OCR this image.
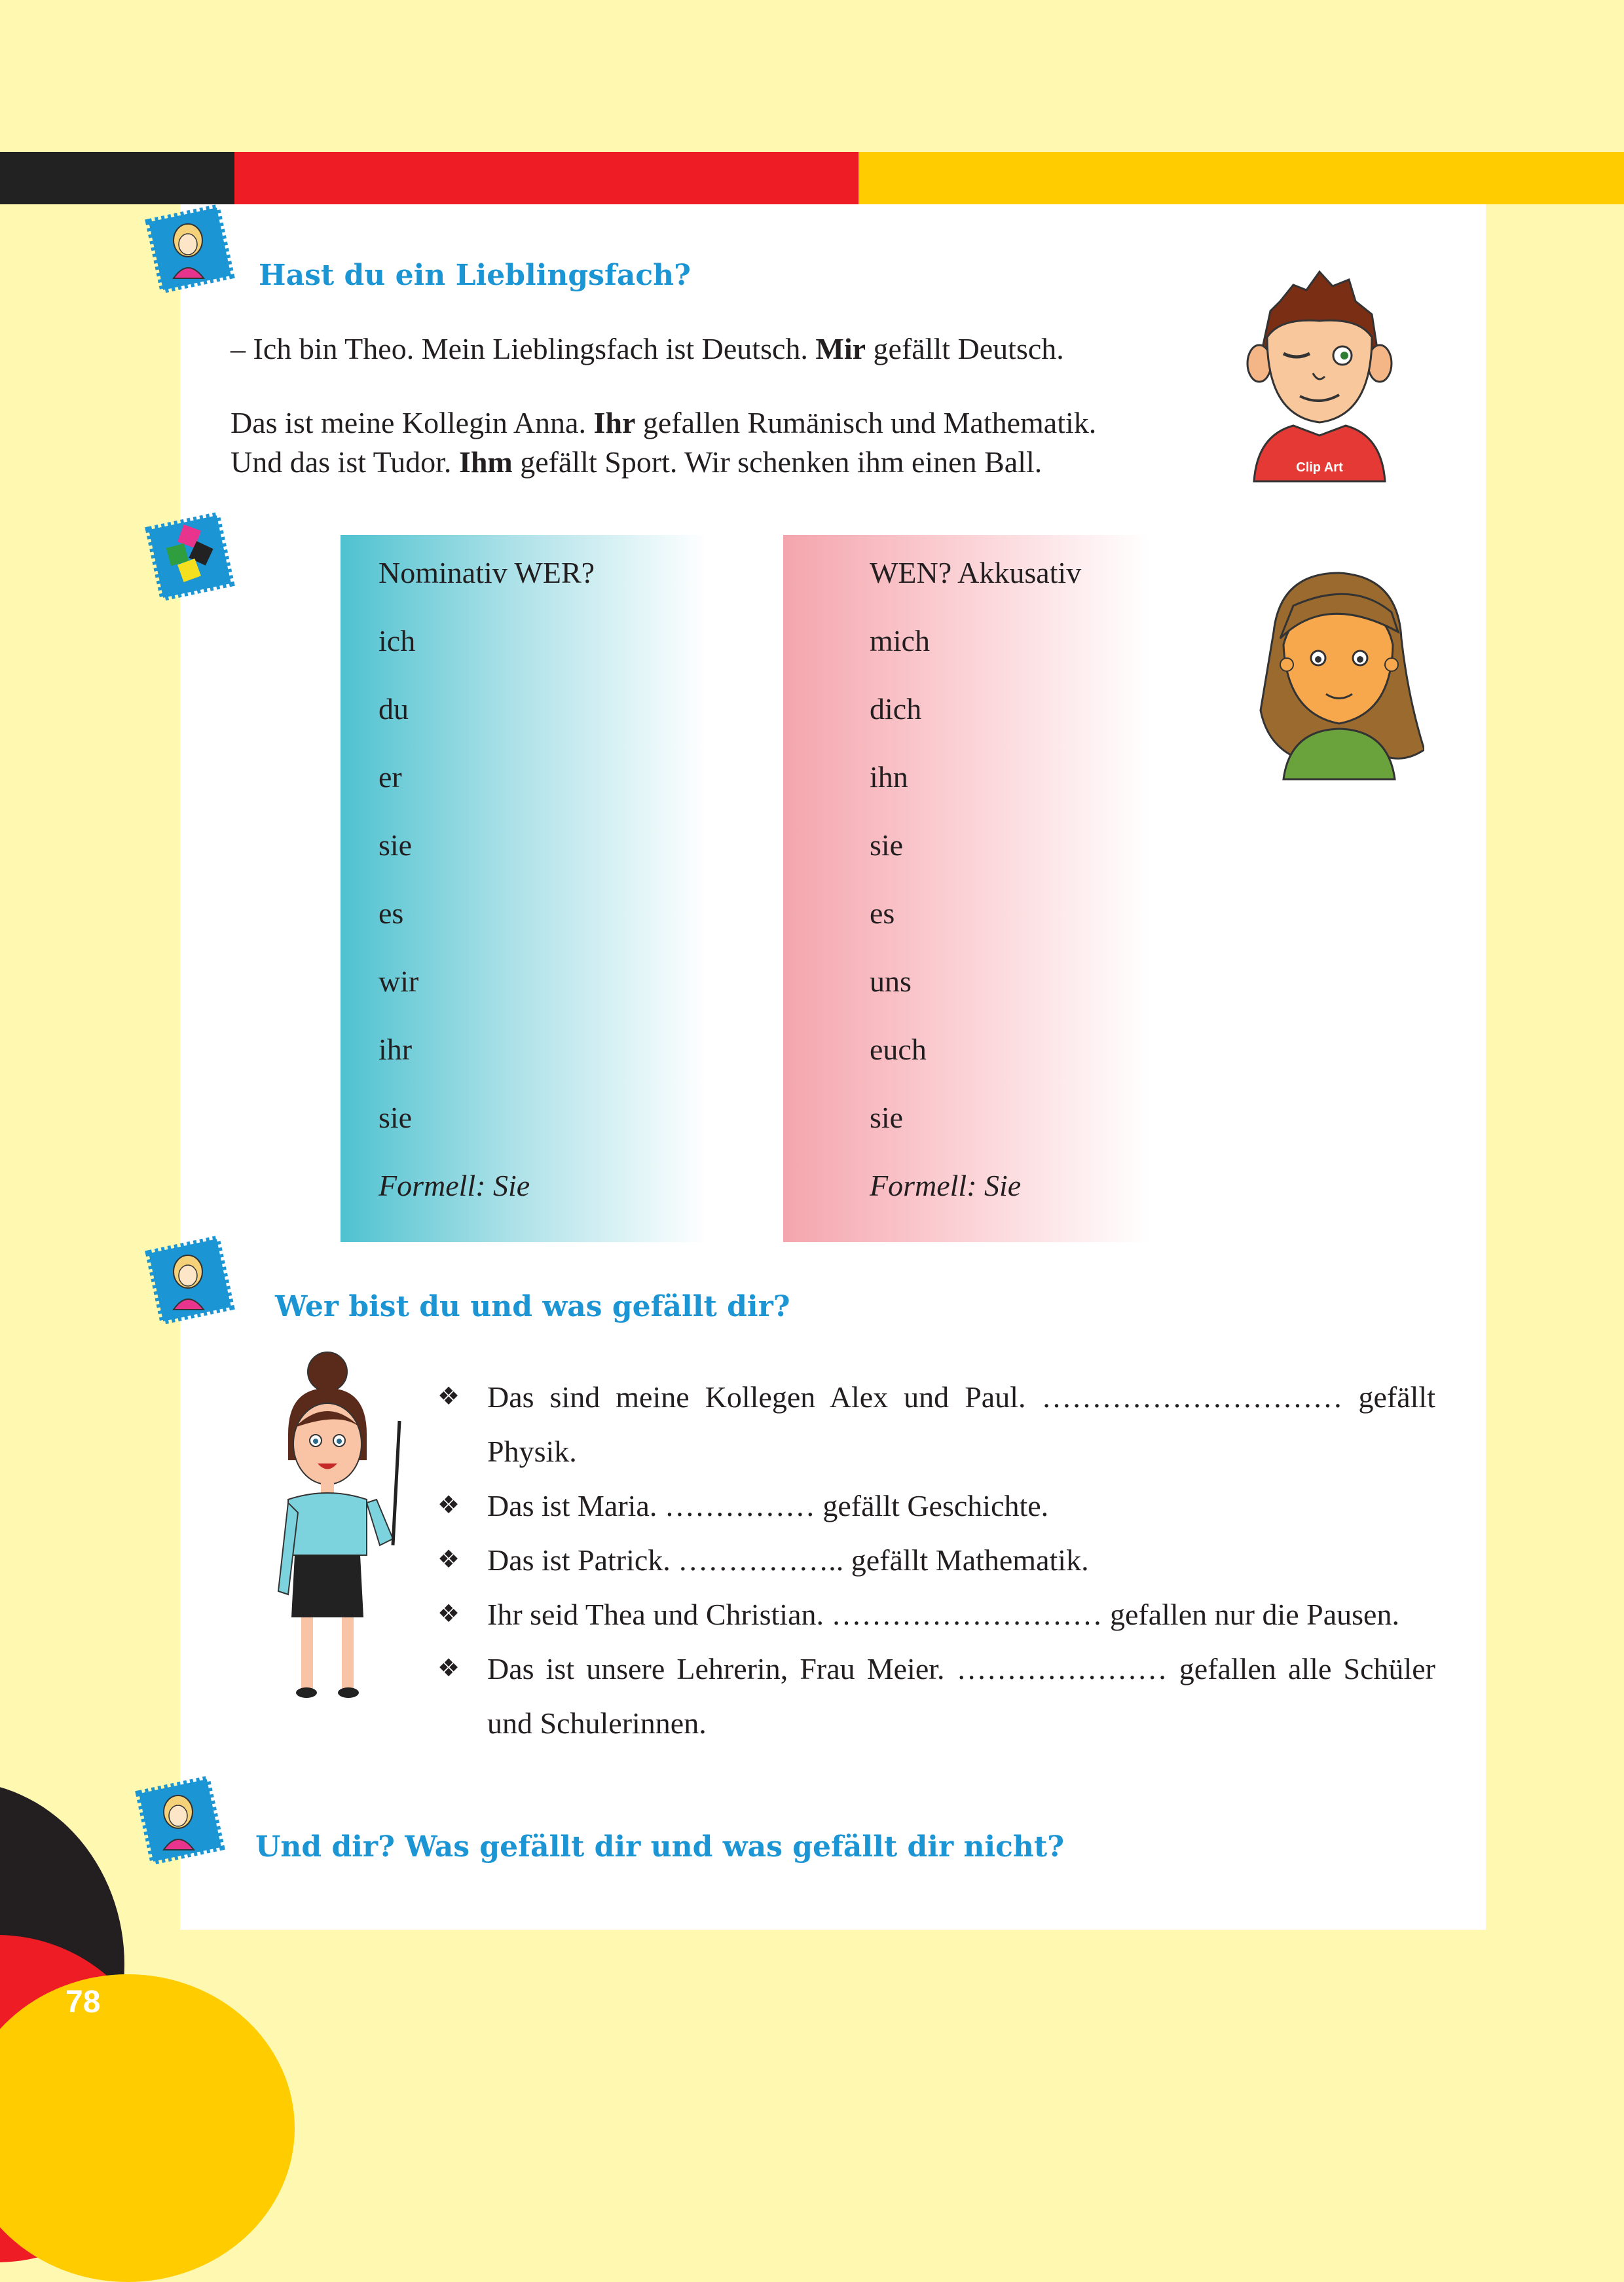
78
Hast du ein Lieblingsfach?

– Ich bin Theo. Mein Lieblingsfach ist Deutsch. Mir gefällt Deutsch.

Das ist meine Kollegin Anna. Ihr gefallen Rumänisch und Mathematik.

Und das ist Tudor. Ihm gefällt Sport. Wir schenken ihm einen Ball.	Clip Art
Nominativ WER?
ich
du
er
sie
es
wir
ihr
sie
Formell: Sie
WEN? Akkusativ
mich
dich
ihn
sie
es
uns
euch
sie
Formell: Sie
Wer bist du und was gefällt dir?
❖ Das sind meine Kollegen Alex und Paul. ………………………… gefällt Physik.
❖ Das ist Maria. …………… gefällt Geschichte.
❖ Das ist Patrick. …………….. gefällt Mathematik.
❖ Ihr seid Thea und Christian. ……………………… gefallen nur die Pausen.
❖ Das ist unsere Lehrerin, Frau Meier. ………………… gefallen alle Schüler und Schulerinnen.
Und dir? Was gefällt dir und was gefällt dir nicht?
